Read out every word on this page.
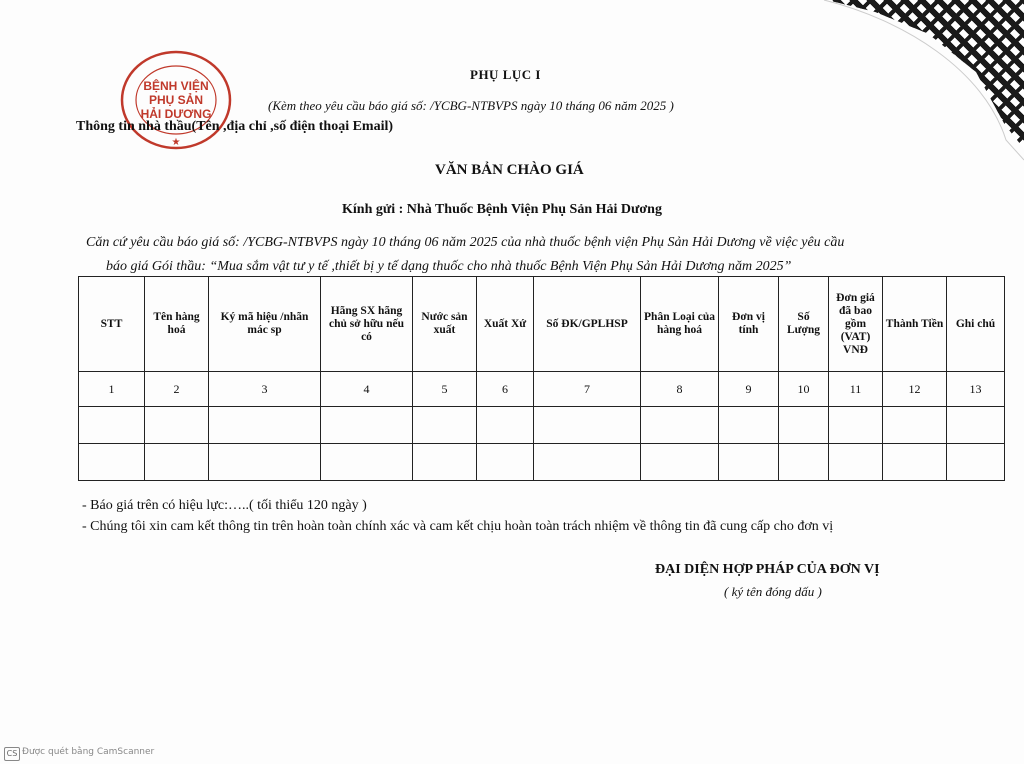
★
BỆNH VIỆN
PHỤ SẢN
HẢI DƯƠNG
PHỤ LỤC I
(Kèm theo yêu cầu báo giá số: /YCBG-NTBVPS ngày 10 tháng 06 năm 2025 )
Thông tin nhà thầu(Tên ,địa chỉ ,số điện thoại Email)
VĂN BẢN CHÀO GIÁ
Kính gửi : Nhà Thuốc Bệnh Viện Phụ Sản Hải Dương
Căn cứ yêu cầu báo giá số: /YCBG-NTBVPS ngày 10 tháng 06 năm 2025 của nhà thuốc bệnh viện Phụ Sản Hải Dương về việc yêu cầu
báo giá Gói thầu: “Mua sắm vật tư y tế ,thiết bị y tế dạng thuốc cho nhà thuốc Bệnh Viện Phụ Sản Hải Dương năm 2025”
STT	Tên hàng hoá	Ký mã hiệu /nhãn mác sp	Hãng SX hãng chủ sở hữu nếu có	Nước sản xuất	Xuất Xứ	Số ĐK/GPLHSP	Phân Loại của hàng hoá	Đơn vị tính	Số Lượng	Đơn giá đã bao gồm (VAT) VNĐ	Thành Tiền	Ghi chú
1	2	3	4	5	6	7	8	9	10	11	12	13

- Báo giá trên có hiệu lực:…..( tối thiểu 120 ngày )
- Chúng tôi xin cam kết thông tin trên hoàn toàn chính xác và cam kết chịu hoàn toàn trách nhiệm về thông tin đã cung cấp cho đơn vị
ĐẠI DIỆN HỢP PHÁP CỦA ĐƠN VỊ
( ký tên đóng dấu )
CS Được quét bằng CamScanner
